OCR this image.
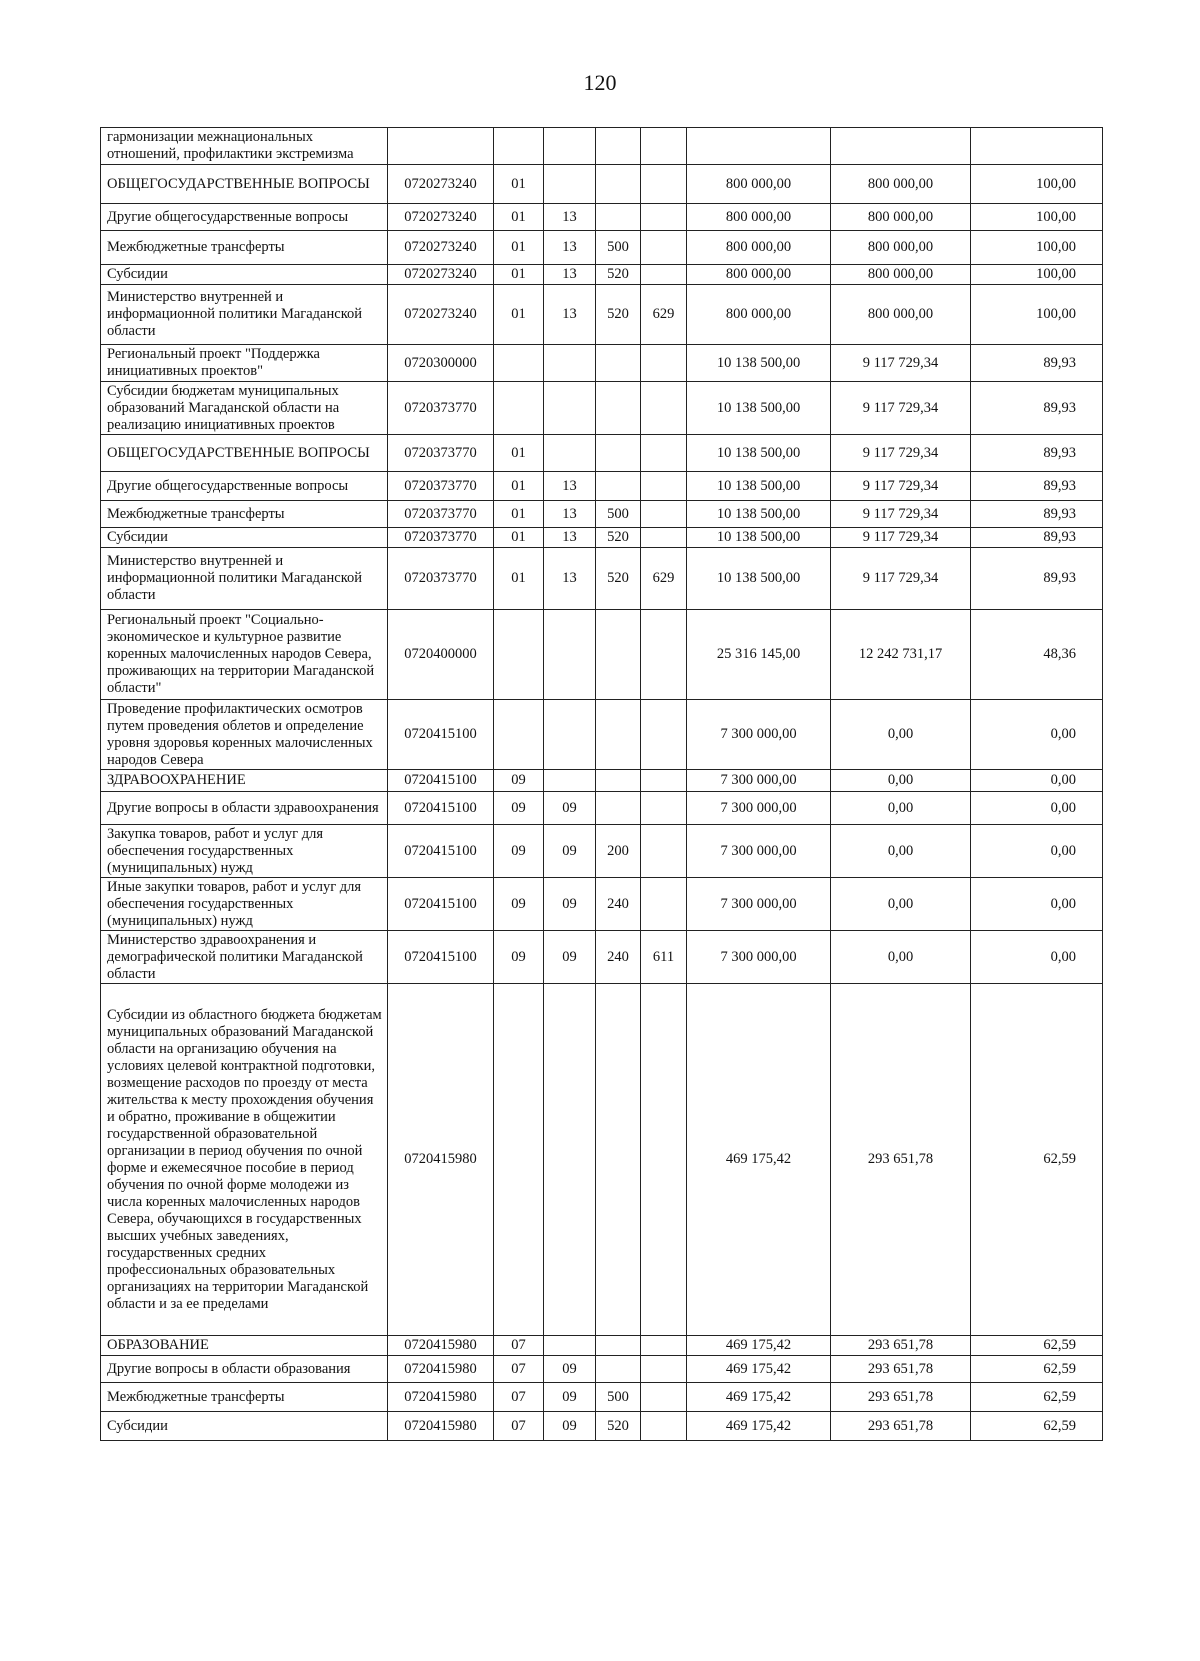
120
гармонизации межнациональных отношений, профилактики экстремизма								
ОБЩЕГОСУДАРСТВЕННЫЕ ВОПРОСЫ	0720273240	01				800 000,00	800 000,00	100,00
Другие общегосударственные вопросы	0720273240	01	13			800 000,00	800 000,00	100,00
Межбюджетные трансферты	0720273240	01	13	500		800 000,00	800 000,00	100,00
Субсидии	0720273240	01	13	520		800 000,00	800 000,00	100,00
Министерство внутренней и информационной политики Магаданской области	0720273240	01	13	520	629	800 000,00	800 000,00	100,00
Региональный проект "Поддержка инициативных проектов"	0720300000					10 138 500,00	9 117 729,34	89,93
Субсидии бюджетам муниципальных образований Магаданской области на реализацию инициативных проектов	0720373770					10 138 500,00	9 117 729,34	89,93
ОБЩЕГОСУДАРСТВЕННЫЕ ВОПРОСЫ	0720373770	01				10 138 500,00	9 117 729,34	89,93
Другие общегосударственные вопросы	0720373770	01	13			10 138 500,00	9 117 729,34	89,93
Межбюджетные трансферты	0720373770	01	13	500		10 138 500,00	9 117 729,34	89,93
Субсидии	0720373770	01	13	520		10 138 500,00	9 117 729,34	89,93
Министерство внутренней и информационной политики Магаданской области	0720373770	01	13	520	629	10 138 500,00	9 117 729,34	89,93
Региональный проект "Социально-экономическое и культурное развитие коренных малочисленных народов Севера, проживающих на территории Магаданской области"	0720400000					25 316 145,00	12 242 731,17	48,36
Проведение профилактических осмотров путем проведения облетов и определение уровня здоровья коренных малочисленных народов Севера	0720415100					7 300 000,00	0,00	0,00
ЗДРАВООХРАНЕНИЕ	0720415100	09				7 300 000,00	0,00	0,00
Другие вопросы в области здравоохранения	0720415100	09	09			7 300 000,00	0,00	0,00
Закупка товаров, работ и услуг для обеспечения государственных (муниципальных) нужд	0720415100	09	09	200		7 300 000,00	0,00	0,00
Иные закупки товаров, работ и услуг для обеспечения государственных (муниципальных) нужд	0720415100	09	09	240		7 300 000,00	0,00	0,00
Министерство здравоохранения и демографической политики Магаданской области	0720415100	09	09	240	611	7 300 000,00	0,00	0,00
Субсидии из областного бюджета бюджетам муниципальных образований Магаданской области на организацию обучения на условиях целевой контрактной подготовки, возмещение расходов по проезду от места жительства к месту прохождения обучения и обратно, проживание в общежитии государственной образовательной организации в период обучения по очной форме и ежемесячное пособие в период обучения по очной форме молодежи из числа коренных малочисленных народов Севера, обучающихся в государственных высших учебных заведениях, государственных средних профессиональных образовательных организациях на территории Магаданской области и за ее пределами	0720415980					469 175,42	293 651,78	62,59
ОБРАЗОВАНИЕ	0720415980	07				469 175,42	293 651,78	62,59
Другие вопросы в области образования	0720415980	07	09			469 175,42	293 651,78	62,59
Межбюджетные трансферты	0720415980	07	09	500		469 175,42	293 651,78	62,59
Субсидии	0720415980	07	09	520		469 175,42	293 651,78	62,59
